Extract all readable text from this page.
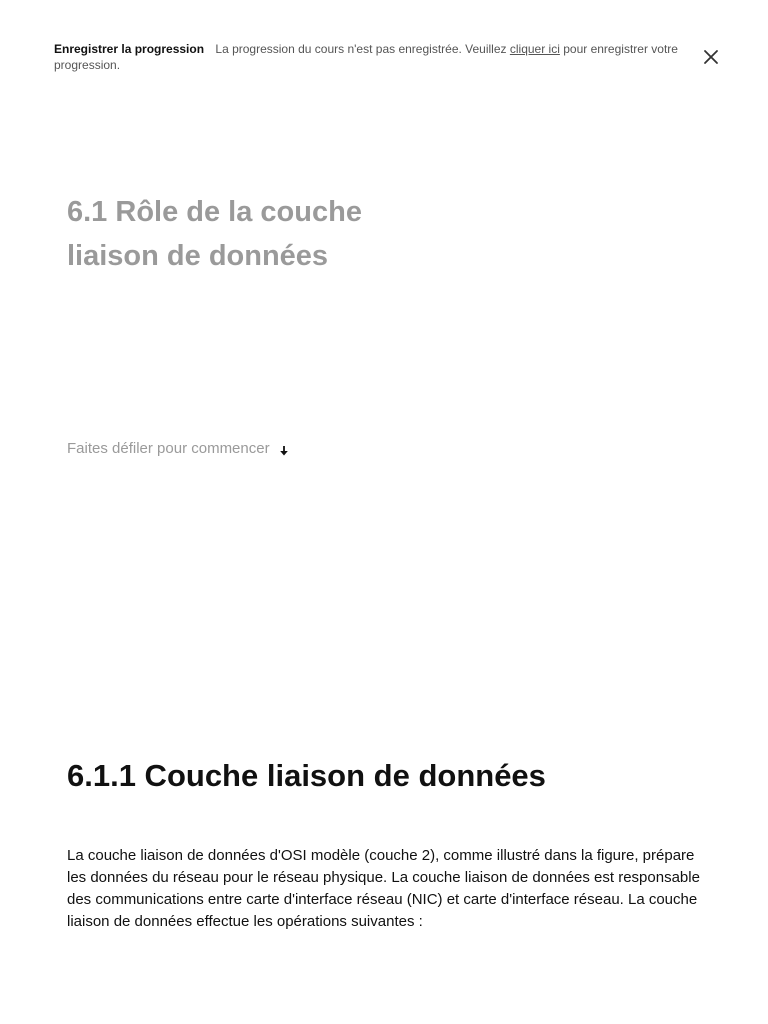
Enregistrer la progression La progression du cours n'est pas enregistrée. Veuillez cliquer ici pour enregistrer votre progression.
6.1 Rôle de la couche liaison de données
Faites défiler pour commencer
6.1.1 Couche liaison de données

La couche liaison de données d'OSI modèle (couche 2), comme illustré dans la figure, prépare les données du réseau pour le réseau physique. La couche liaison de données est responsable des communications entre carte d'interface réseau (NIC) et carte d'interface réseau. La couche liaison de données effectue les opérations suivantes :
